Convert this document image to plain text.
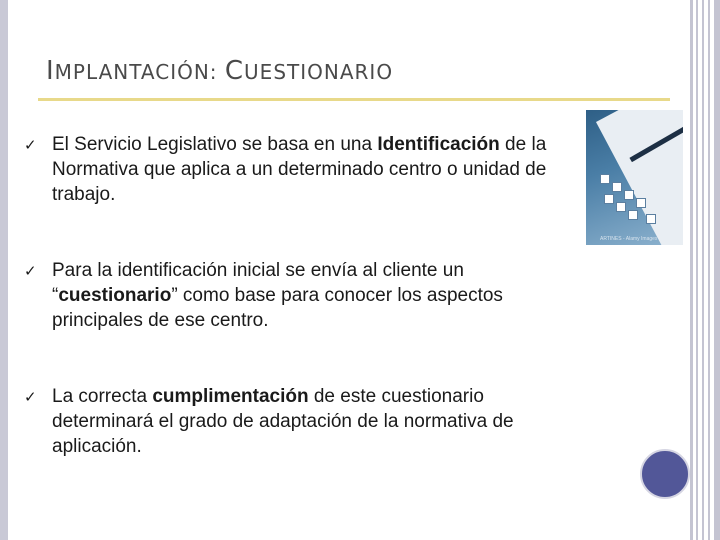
IMPLANTACIÓN: CUESTIONARIO
ARTINES - Alamy Images
✓ El Servicio Legislativo se basa en una Identificación de la Normativa que aplica a un determinado centro o unidad de trabajo.
✓ Para la identificación inicial se envía al cliente un “cuestionario” como base para conocer los aspectos principales de ese centro.
✓ La correcta cumplimentación de este cuestionario determinará el grado de adaptación de la normativa de aplicación.
